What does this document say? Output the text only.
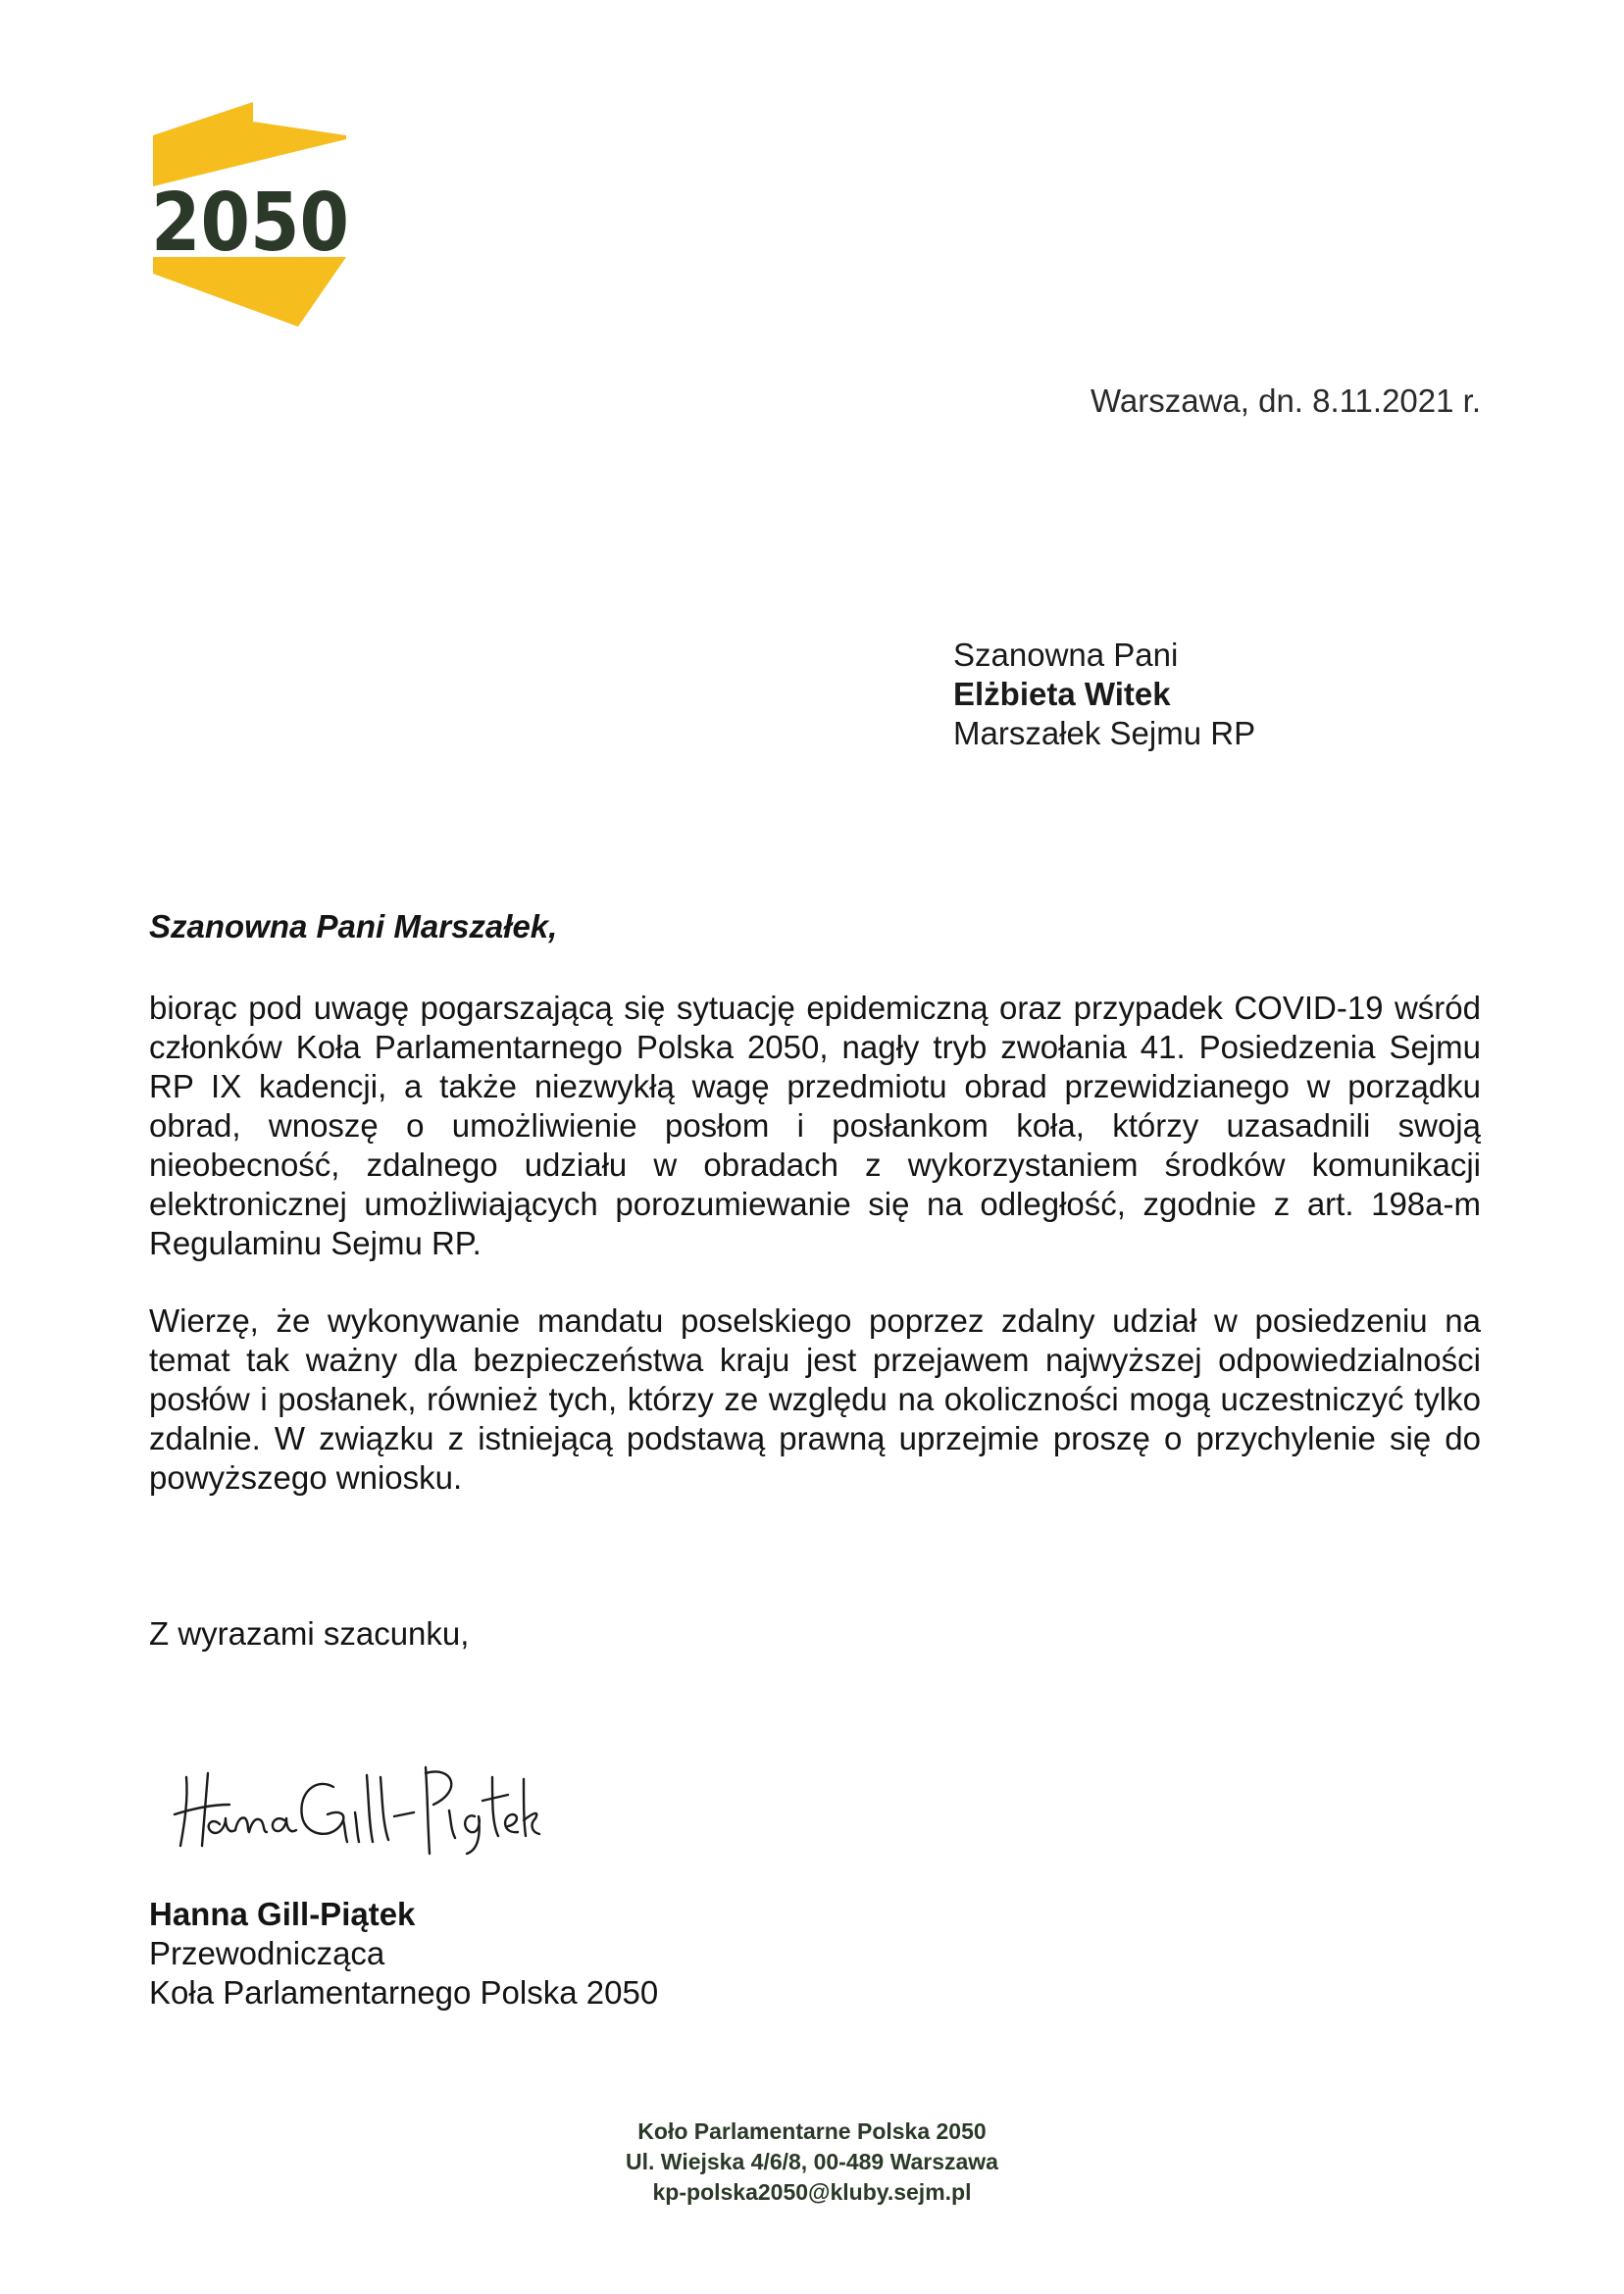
2050
Warszawa, dn. 8.11.2021 r.
Szanowna Pani
Elżbieta Witek
Marszałek Sejmu RP
Szanowna Pani Marszałek,

biorąc pod uwagę pogarszającą się sytuację epidemiczną oraz przypadek COVID-19 wśród członków Koła Parlamentarnego Polska 2050, nagły tryb zwołania 41. Posiedzenia Sejmu RP IX kadencji, a także niezwykłą wagę przedmiotu obrad przewidzianego w porządku obrad, wnoszę o umożliwienie posłom i posłankom koła, którzy uzasadnili swoją nieobecność, zdalnego udziału w obradach z wykorzystaniem środków komunikacji elektronicznej umożliwiających porozumiewanie się na odległość, zgodnie z art. 198a-m Regulaminu Sejmu RP.

Wierzę, że wykonywanie mandatu poselskiego poprzez zdalny udział w posiedzeniu na temat tak ważny dla bezpieczeństwa kraju jest przejawem najwyższej odpowiedzialności posłów i posłanek, również tych, którzy ze względu na okoliczności mogą uczestniczyć tylko zdalnie. W związku z istniejącą podstawą prawną uprzejmie proszę o przychylenie się do powyższego wniosku.

Z wyrazami szacunku,
Hanna Gill-Piątek
Przewodnicząca
Koła Parlamentarnego Polska 2050
Koło Parlamentarne Polska 2050
Ul. Wiejska 4/6/8, 00-489 Warszawa
kp-polska2050@kluby.sejm.pl
